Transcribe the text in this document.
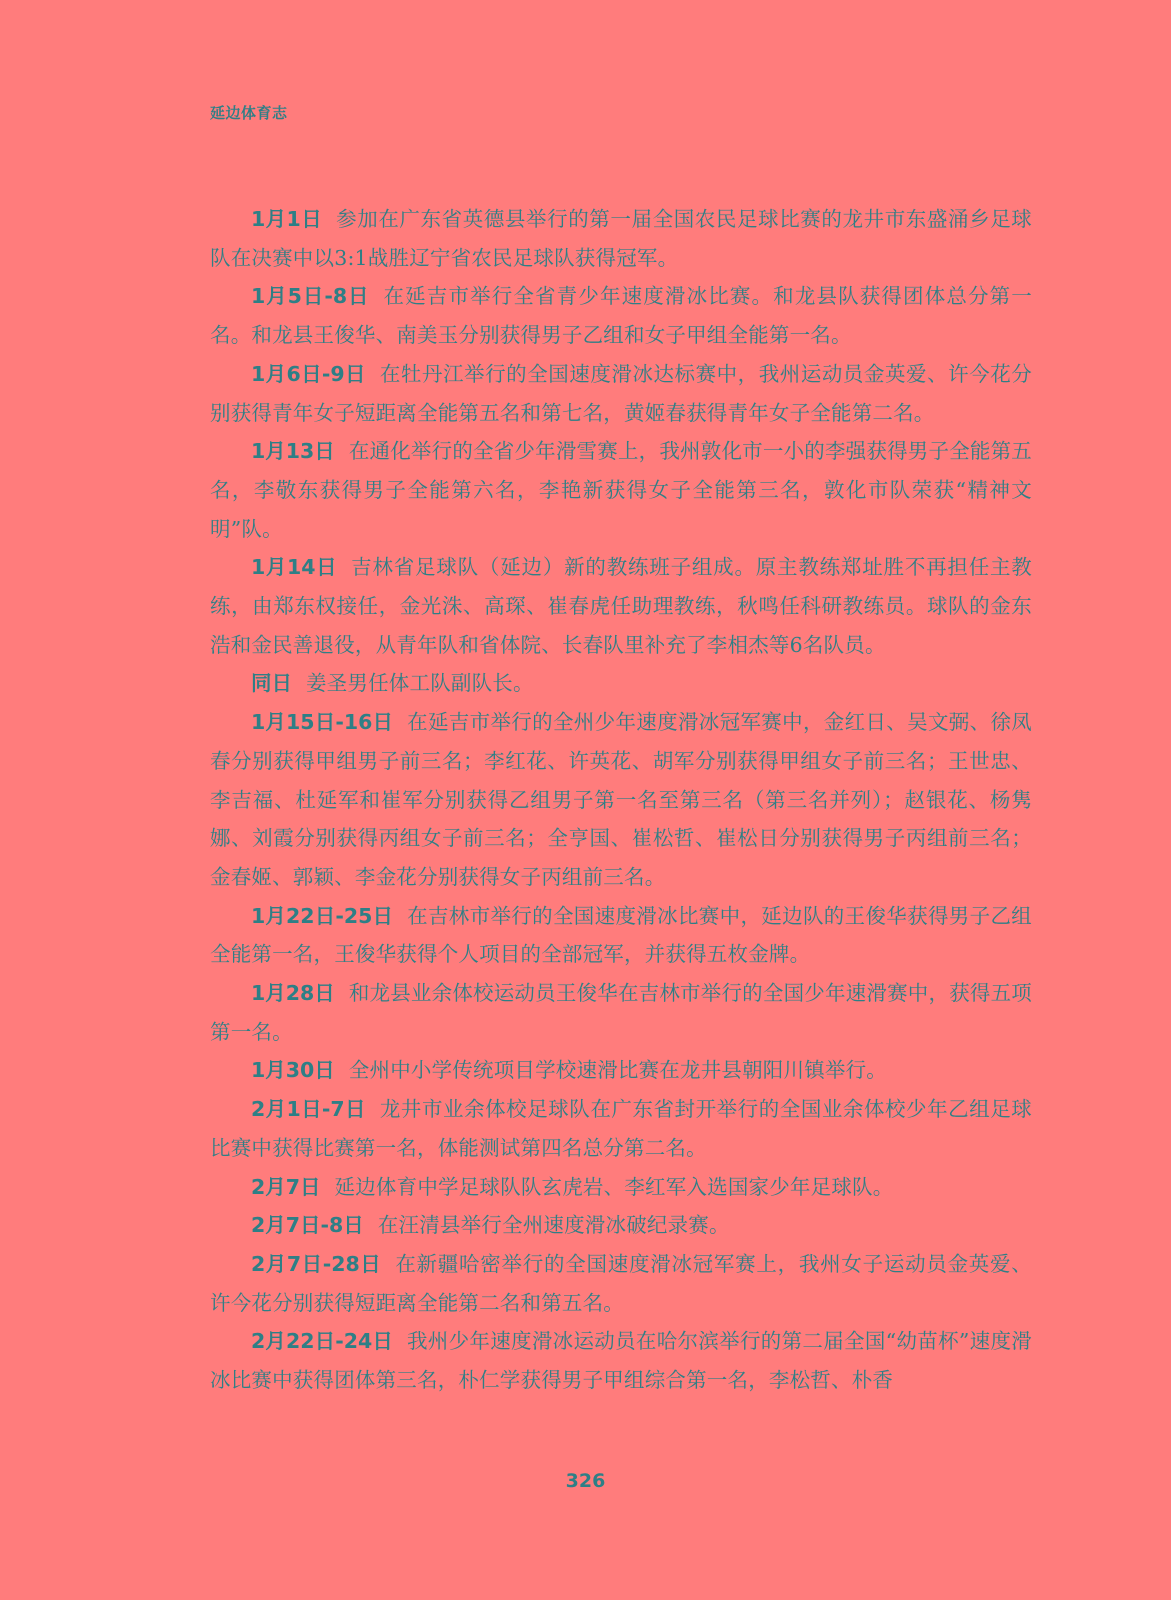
延边体育志

1月1日 参加在广东省英德县举行的第一届全国农民足球比赛的龙井市东盛涌乡足球队在决赛中以3:1战胜辽宁省农民足球队获得冠军。

1月5日-8日 在延吉市举行全省青少年速度滑冰比赛。和龙县队获得团体总分第一名。和龙县王俊华、南美玉分别获得男子乙组和女子甲组全能第一名。

1月6日-9日 在牡丹江举行的全国速度滑冰达标赛中，我州运动员金英爱、许今花分别获得青年女子短距离全能第五名和第七名，黄姬春获得青年女子全能第二名。

1月13日 在通化举行的全省少年滑雪赛上，我州敦化市一小的李强获得男子全能第五名，李敬东获得男子全能第六名，李艳新获得女子全能第三名，敦化市队荣获“精神文明”队。

1月14日 吉林省足球队（延边）新的教练班子组成。原主教练郑址胜不再担任主教练，由郑东权接任，金光洙、高琛、崔春虎任助理教练，秋鸣任科研教练员。球队的金东浩和金民善退役，从青年队和省体院、长春队里补充了李相杰等6名队员。

同日 姜圣男任体工队副队长。

1月15日-16日 在延吉市举行的全州少年速度滑冰冠军赛中，金红日、吴文弼、徐凤春分别获得甲组男子前三名；李红花、许英花、胡军分别获得甲组女子前三名；王世忠、李吉福、杜延军和崔军分别获得乙组男子第一名至第三名（第三名并列）；赵银花、杨隽娜、刘霞分别获得丙组女子前三名；全亨国、崔松哲、崔松日分别获得男子丙组前三名；金春姬、郭颖、李金花分别获得女子丙组前三名。

1月22日-25日 在吉林市举行的全国速度滑冰比赛中，延边队的王俊华获得男子乙组全能第一名，王俊华获得个人项目的全部冠军，并获得五枚金牌。

1月28日 和龙县业余体校运动员王俊华在吉林市举行的全国少年速滑赛中，获得五项第一名。

1月30日 全州中小学传统项目学校速滑比赛在龙井县朝阳川镇举行。

2月1日-7日 龙井市业余体校足球队在广东省封开举行的全国业余体校少年乙组足球比赛中获得比赛第一名，体能测试第四名总分第二名。

2月7日 延边体育中学足球队队玄虎岩、李红军入选国家少年足球队。

2月7日-8日 在汪清县举行全州速度滑冰破纪录赛。

2月7日-28日 在新疆哈密举行的全国速度滑冰冠军赛上，我州女子运动员金英爱、许今花分别获得短距离全能第二名和第五名。

2月22日-24日 我州少年速度滑冰运动员在哈尔滨举行的第二届全国“幼苗杯”速度滑冰比赛中获得团体第三名，朴仁学获得男子甲组综合第一名，李松哲、朴香

326
